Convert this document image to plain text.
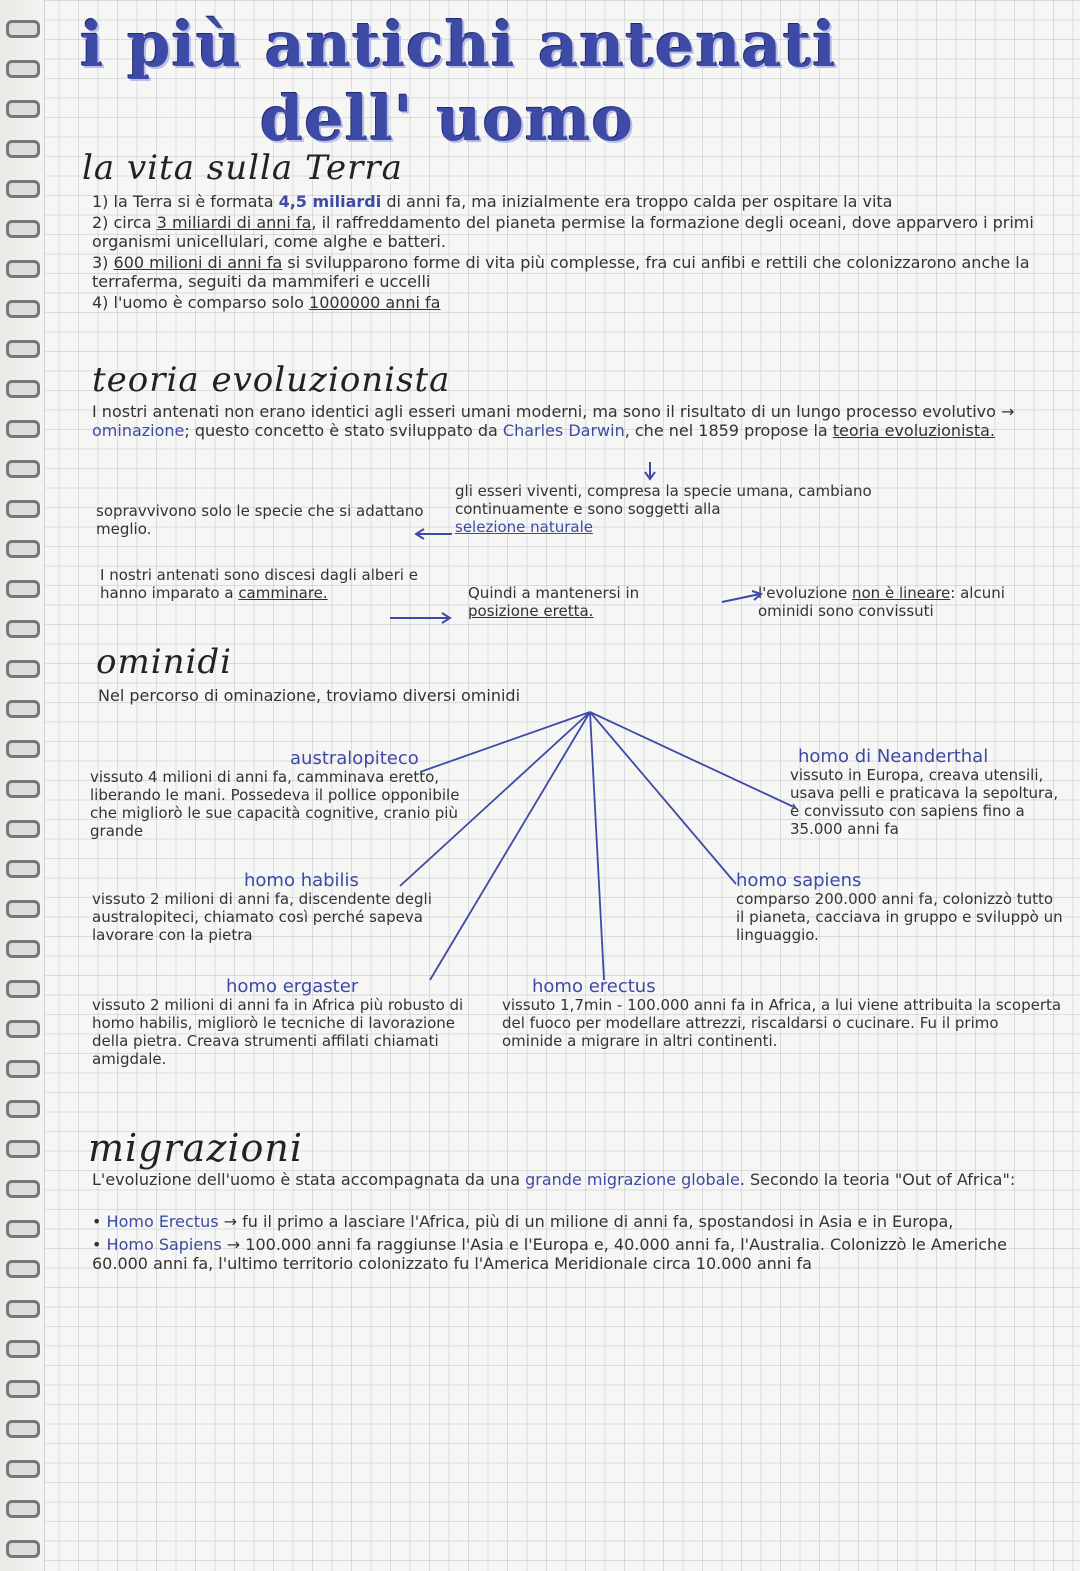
i più antichi antenati
dell' uomo
la vita sulla Terra
1) la Terra si è formata 4,5 miliardi di anni fa, ma inizialmente era troppo calda per ospitare la vita
2) circa 3 miliardi di anni fa, il raffreddamento del pianeta permise la formazione degli oceani, dove apparvero i primi organismi unicellulari, come alghe e batteri.
3) 600 milioni di anni fa si svilupparono forme di vita più complesse, fra cui anfibi e rettili che colonizzarono anche la terraferma, seguiti da mammiferi e uccelli
4) l'uomo è comparso solo 1000000 anni fa
teoria evoluzionista
I nostri antenati non erano identici agli esseri umani moderni, ma sono il risultato di un lungo processo evolutivo → ominazione; questo concetto è stato sviluppato da Charles Darwin, che nel 1859 propose la teoria evoluzionista.
gli esseri viventi, compresa la specie umana, cambiano continuamente e sono soggetti alla
selezione naturale
sopravvivono solo le specie che si adattano meglio.
I nostri antenati sono discesi dagli alberi e hanno imparato a camminare.	Quindi a mantenersi in
posizione eretta.
l'evoluzione non è lineare: alcuni ominidi sono convissuti
ominidi
Nel percorso di ominazione, troviamo diversi ominidi
australopiteco
vissuto 4 milioni di anni fa, camminava eretto, liberando le mani. Possedeva il pollice opponibile che migliorò le sue capacità cognitive, cranio più grande
homo habilis
vissuto 2 milioni di anni fa, discendente degli australopiteci, chiamato così perché sapeva lavorare con la pietra
homo ergaster
vissuto 2 milioni di anni fa in Africa più robusto di homo habilis, migliorò le tecniche di lavorazione della pietra. Creava strumenti affilati chiamati amigdale.
homo erectus
vissuto 1,7min - 100.000 anni fa in Africa, a lui viene attribuita la scoperta del fuoco per modellare attrezzi, riscaldarsi o cucinare. Fu il primo ominide a migrare in altri continenti.
homo sapiens
comparso 200.000 anni fa, colonizzò tutto il pianeta, cacciava in gruppo e sviluppò un linguaggio.
homo di Neanderthal
vissuto in Europa, creava utensili, usava pelli e praticava la sepoltura, è convissuto con sapiens fino a 35.000 anni fa
migrazioni
L'evoluzione dell'uomo è stata accompagnata da una grande migrazione globale. Secondo la teoria "Out of Africa":
• Homo Erectus → fu il primo a lasciare l'Africa, più di un milione di anni fa, spostandosi in Asia e in Europa,
• Homo Sapiens → 100.000 anni fa raggiunse l'Asia e l'Europa e, 40.000 anni fa, l'Australia. Colonizzò le Americhe 60.000 anni fa, l'ultimo territorio colonizzato fu l'America Meridionale circa 10.000 anni fa
